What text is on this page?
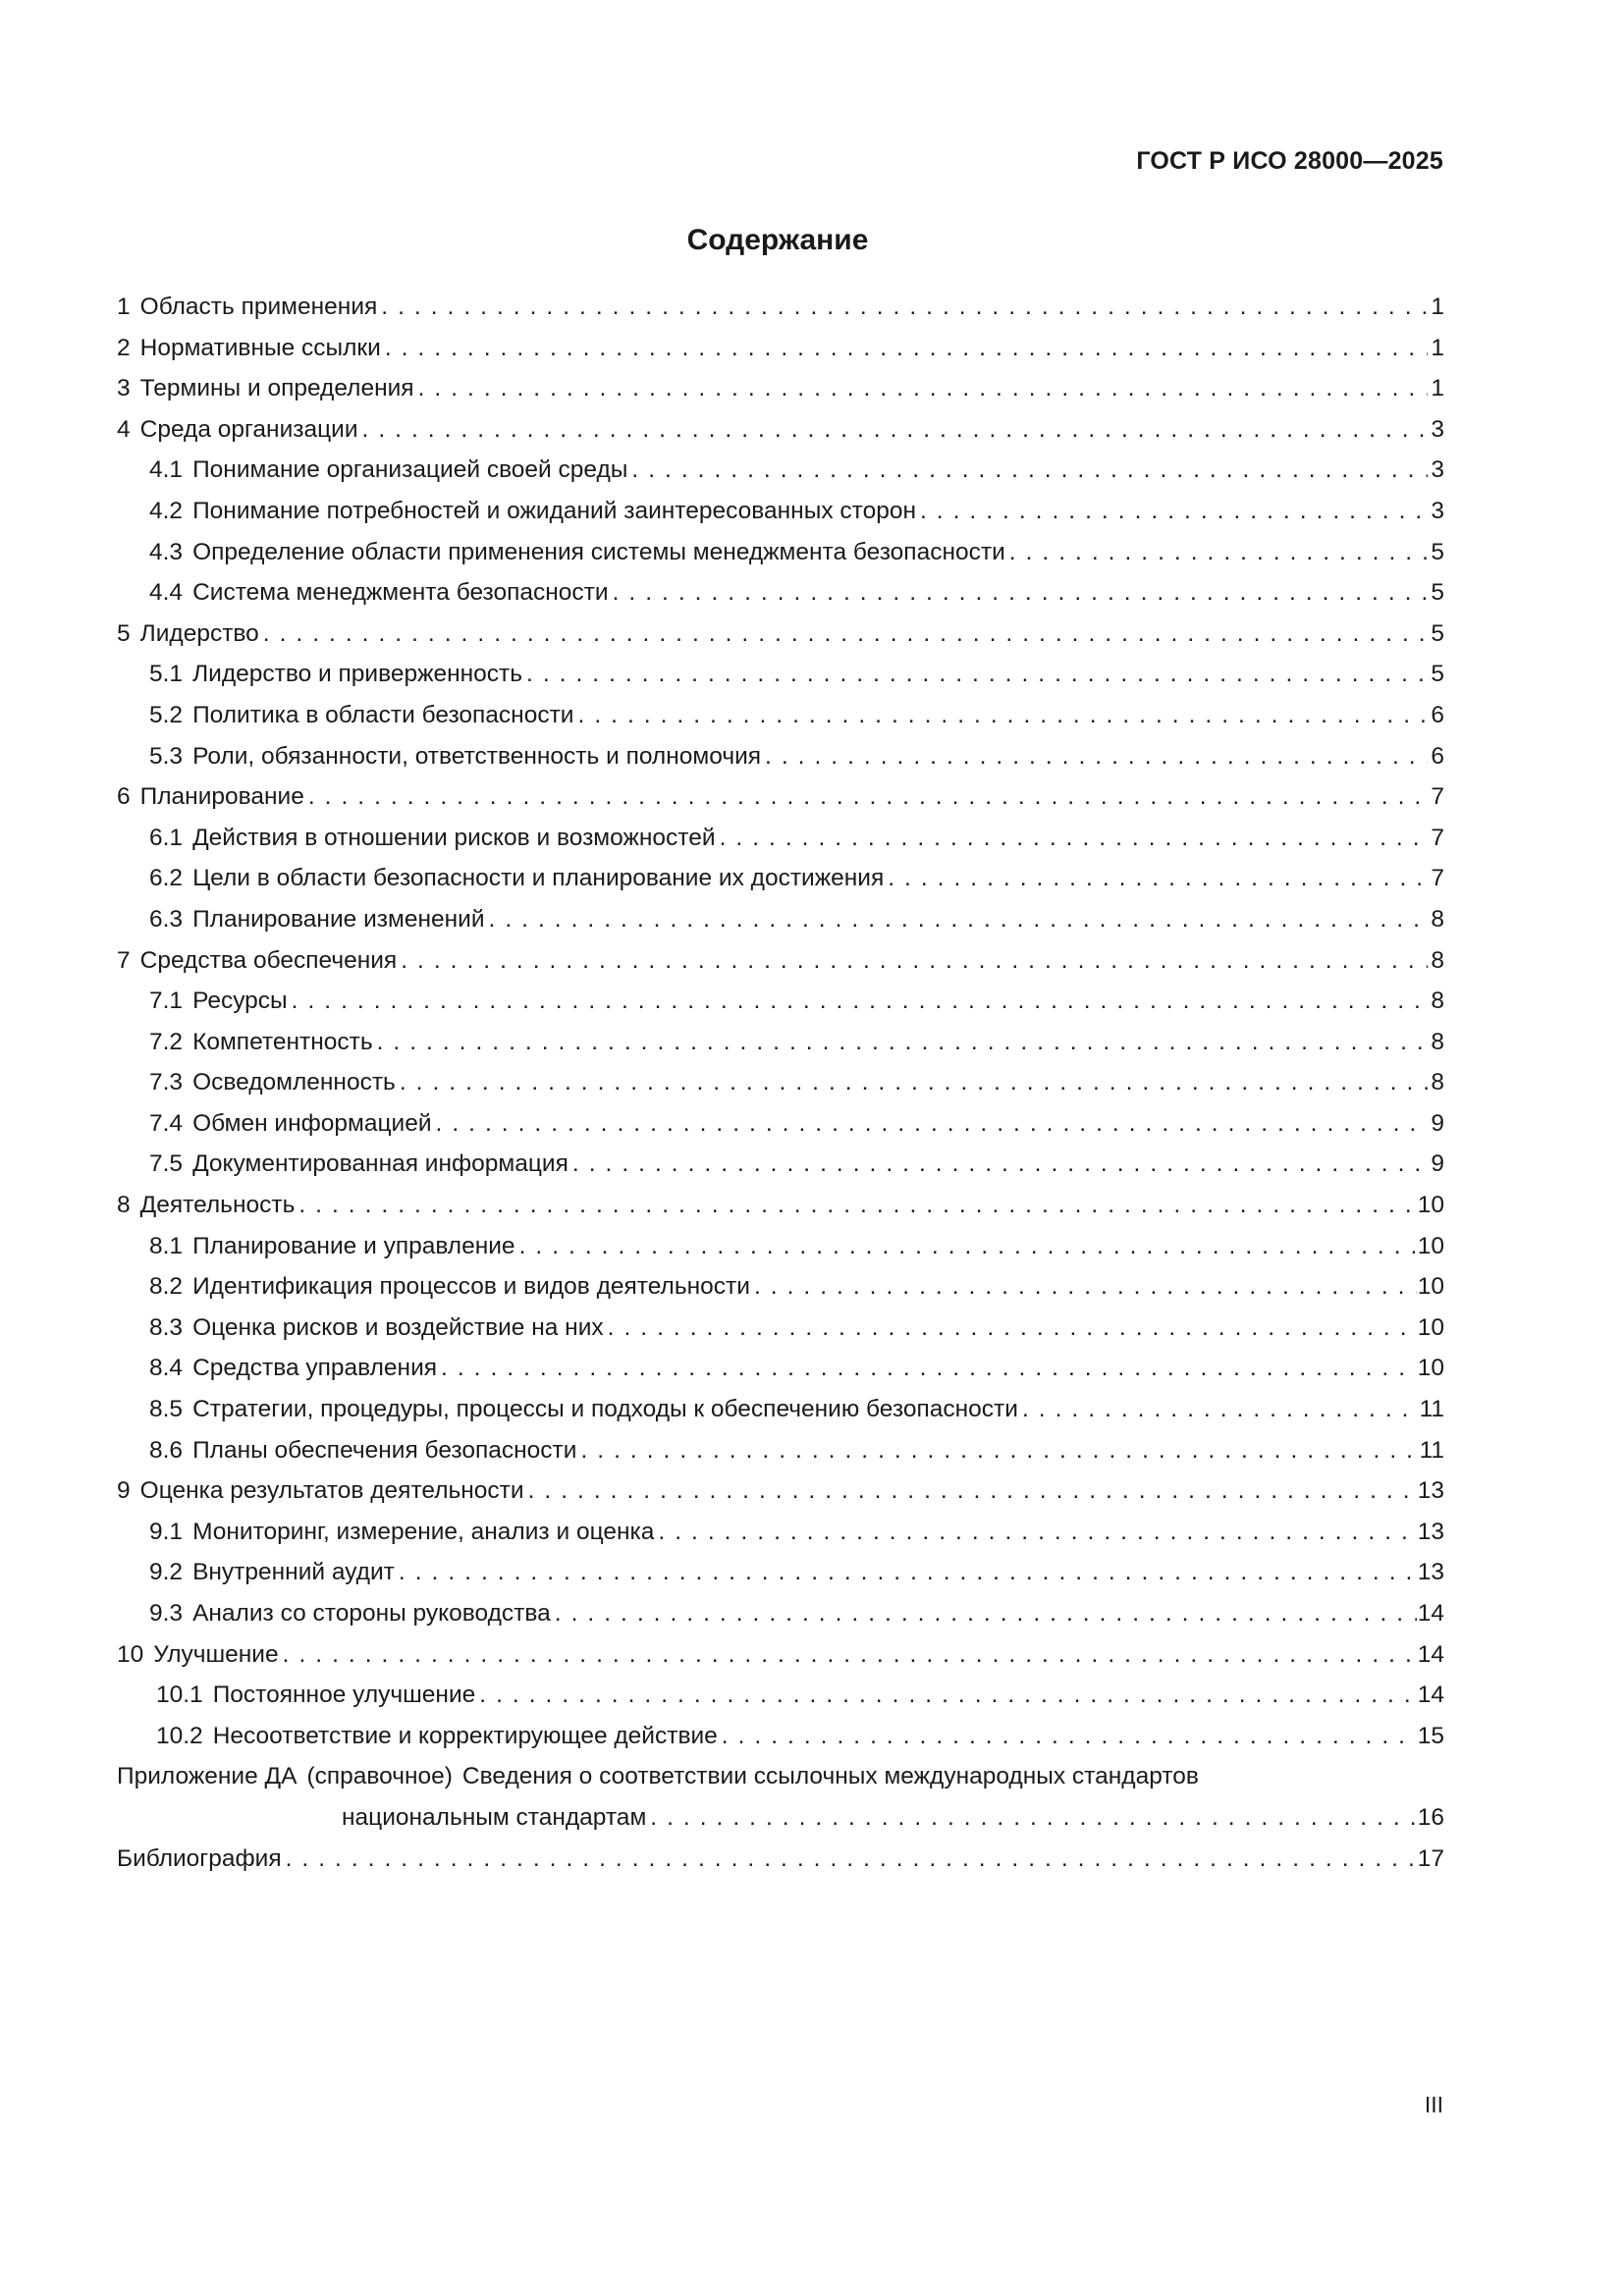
ГОСТ Р ИСО 28000—2025
Содержание
1 Область применения . . .	1
2 Нормативные ссылки . . .	1
3 Термины и определения . . .	1
4 Среда организации . . .	3
4.1 Понимание организацией своей среды . . .	3
4.2 Понимание потребностей и ожиданий заинтересованных сторон . . .	3
4.3 Определение области применения системы менеджмента безопасности . . .	5
4.4 Система менеджмента безопасности . . .	5
5 Лидерство . . .	5
5.1 Лидерство и приверженность . . .	5
5.2 Политика в области безопасности . . .	6
5.3 Роли, обязанности, ответственность и полномочия . . .	6
6 Планирование . . .	7
6.1 Действия в отношении рисков и возможностей . . .	7
6.2 Цели в области безопасности и планирование их достижения . . .	7
6.3 Планирование изменений . . .	8
7 Средства обеспечения . . .	8
7.1 Ресурсы . . .	8
7.2 Компетентность . . .	8
7.3 Осведомленность . . .	8
7.4 Обмен информацией . . .	9
7.5 Документированная информация . . .	9
8 Деятельность . . .	10
8.1 Планирование и управление . . .	10
8.2 Идентификация процессов и видов деятельности . . .	10
8.3 Оценка рисков и воздействие на них . . .	10
8.4 Средства управления . . .	10
8.5 Стратегии, процедуры, процессы и подходы к обеспечению безопасности . . .	11
8.6 Планы обеспечения безопасности . . .	11
9 Оценка результатов деятельности . . .	13
9.1 Мониторинг, измерение, анализ и оценка . . .	13
9.2 Внутренний аудит . . .	13
9.3 Анализ со стороны руководства . . .	14
10 Улучшение . . .	14
10.1 Постоянное улучшение . . .	14
10.2 Несоответствие и корректирующее действие . . .	15
Приложение ДА (справочное) Сведения о соответствии ссылочных международных стандартов
национальным стандартам . . .	16
Библиография . . .	17
III
